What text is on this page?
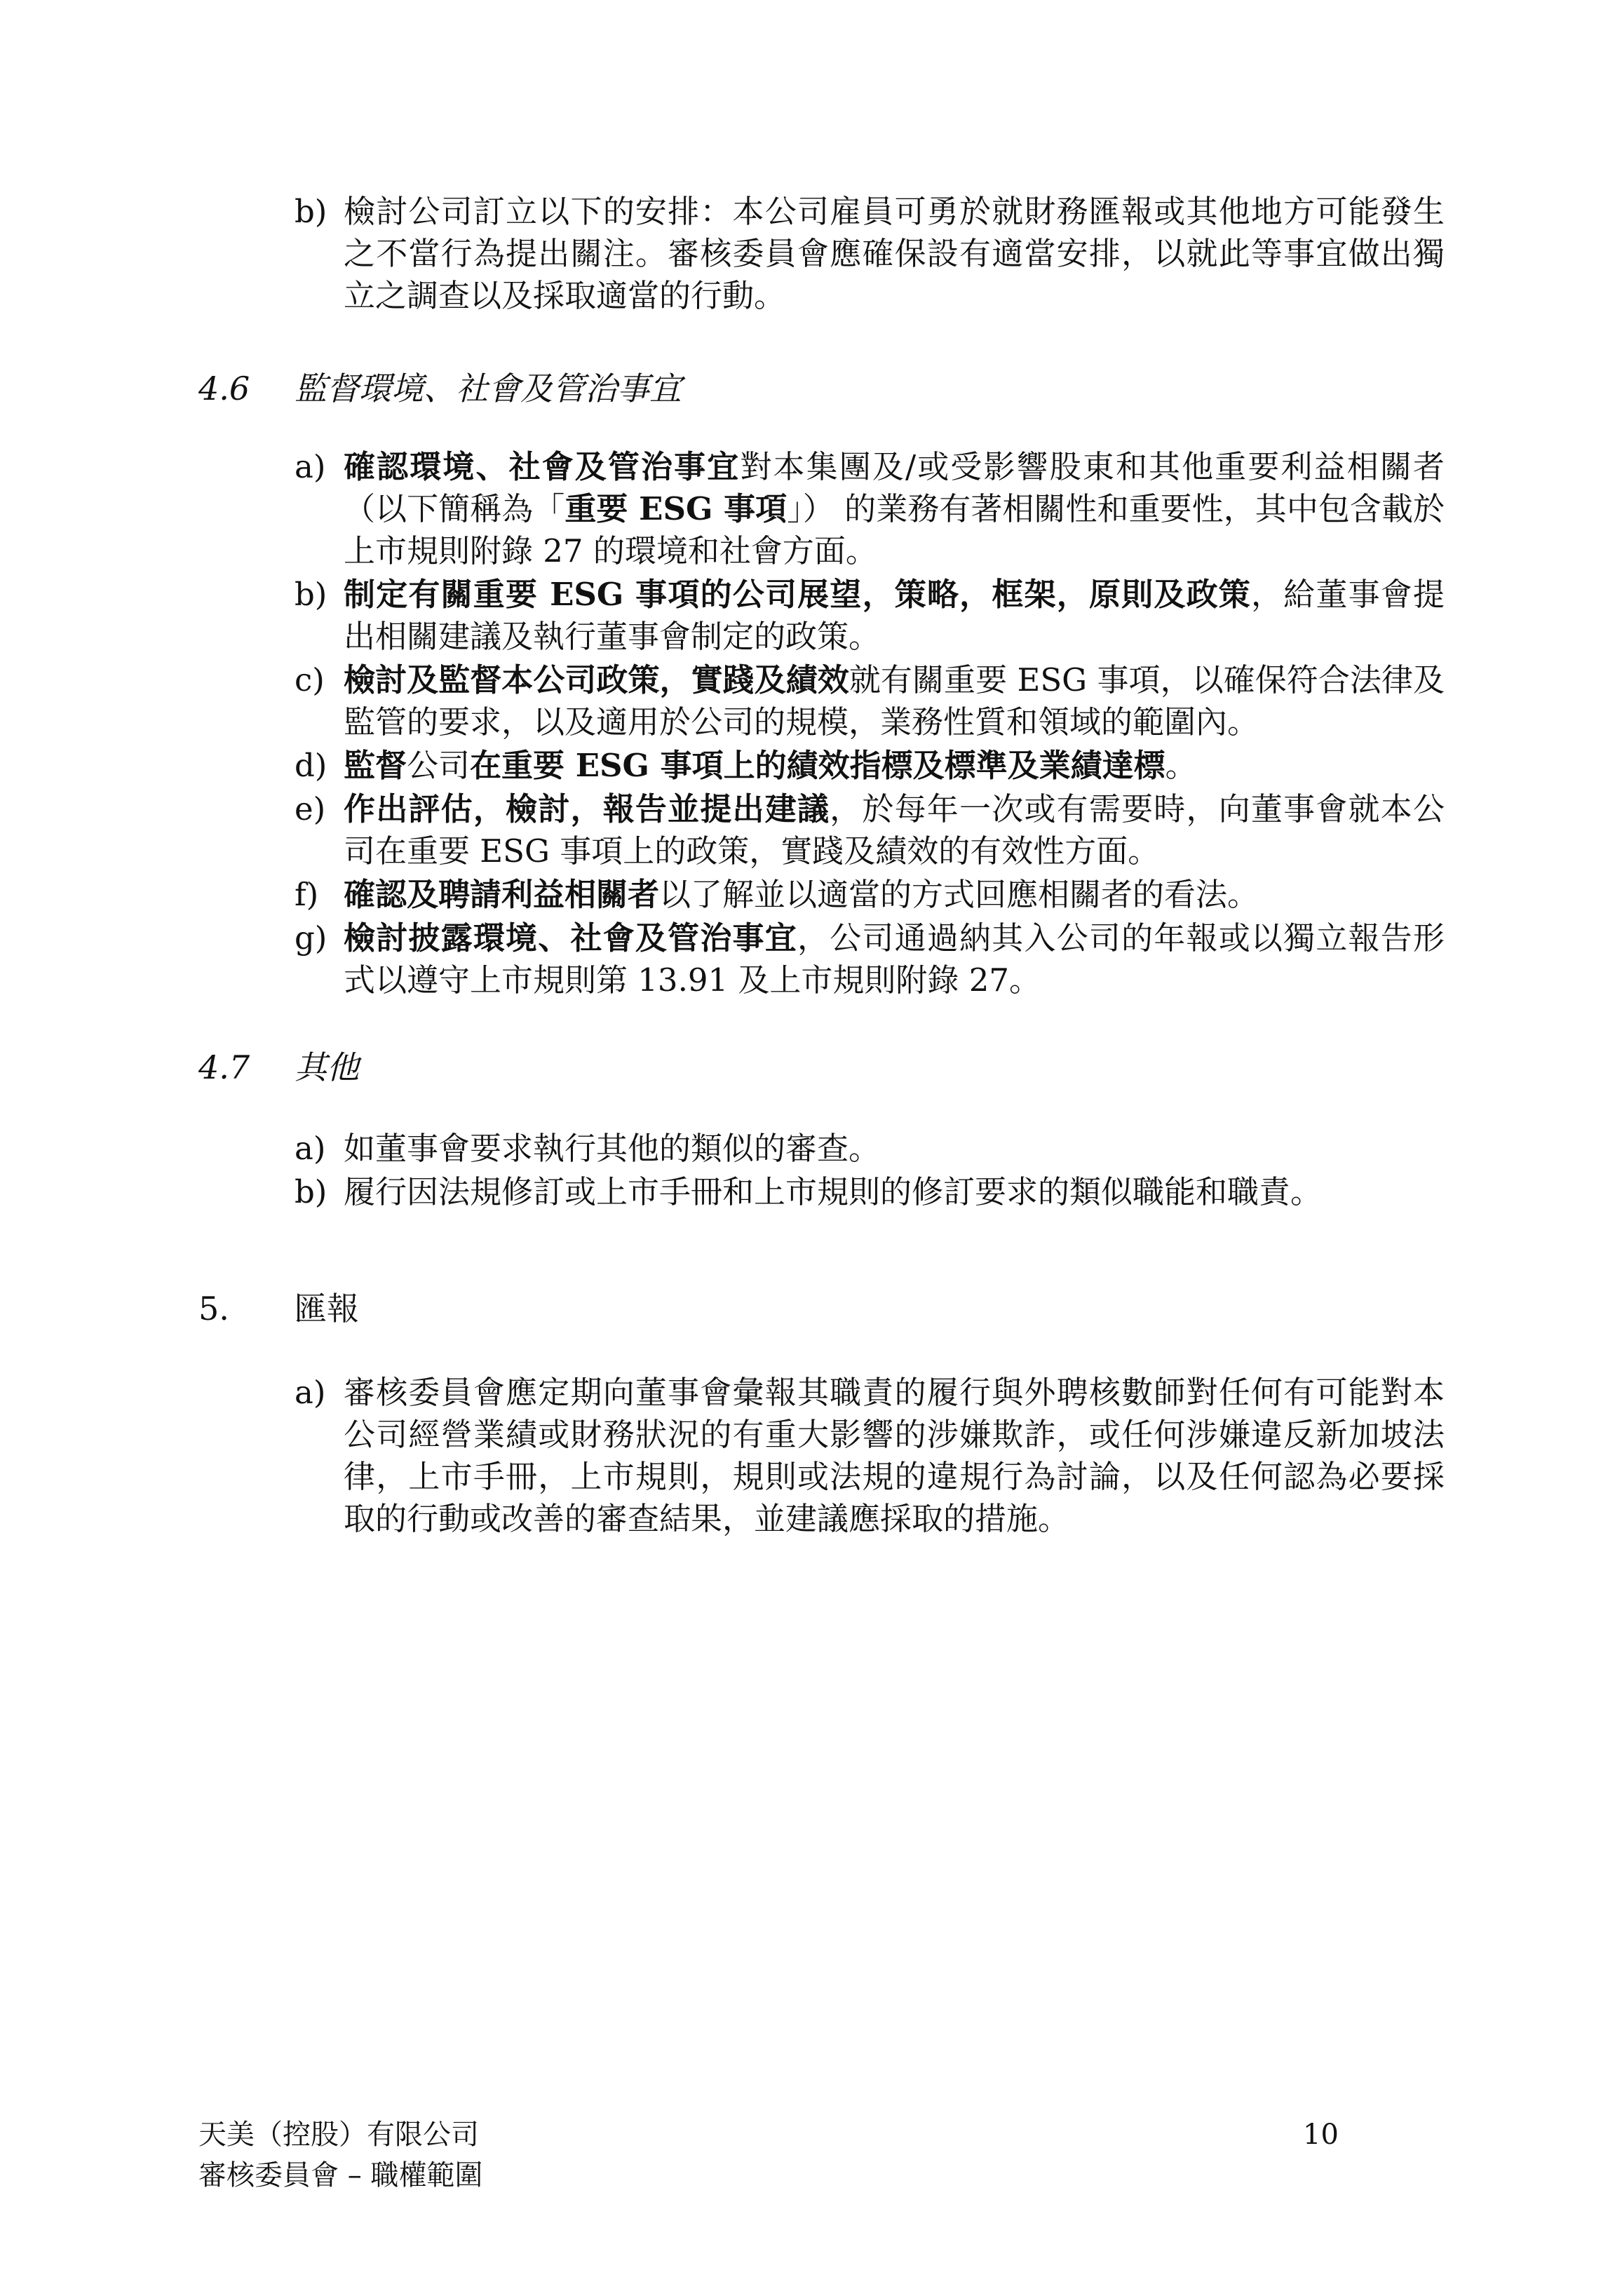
b) 檢討公司訂立以下的安排：本公司雇員可勇於就財務匯報或其他地方可能發生之不當行為提出關注。審核委員會應確保設有適當安排，以就此等事宜做出獨立之調查以及採取適當的行動。
4.6 監督環境、社會及管治事宜
a) 確認環境、社會及管治事宜對本集團及/或受影響股東和其他重要利益相關者（以下簡稱為「重要 ESG 事項」） 的業務有著相關性和重要性，其中包含載於上市規則附錄 27 的環境和社會方面。
b) 制定有關重要 ESG 事項的公司展望，策略，框架，原則及政策，給董事會提出相關建議及執行董事會制定的政策。
c) 檢討及監督本公司政策，實踐及績效就有關重要 ESG 事項，以確保符合法律及監管的要求，以及適用於公司的規模，業務性質和領域的範圍內。
d) 監督公司在重要 ESG 事項上的績效指標及標準及業績達標。
e) 作出評估，檢討，報告並提出建議，於每年一次或有需要時，向董事會就本公司在重要 ESG 事項上的政策，實踐及績效的有效性方面。
f) 確認及聘請利益相關者以了解並以適當的方式回應相關者的看法。
g) 檢討披露環境、社會及管治事宜，公司通過納其入公司的年報或以獨立報告形式以遵守上市規則第 13.91 及上市規則附錄 27。
4.7 其他
a) 如董事會要求執行其他的類似的審查。
b) 履行因法規修訂或上市手冊和上市規則的修訂要求的類似職能和職責。
5. 匯報
a) 審核委員會應定期向董事會彙報其職責的履行與外聘核數師對任何有可能對本公司經營業績或財務狀況的有重大影響的涉嫌欺詐，或任何涉嫌違反新加坡法律，上市手冊，上市規則，規則或法規的違規行為討論，以及任何認為必要採取的行動或改善的審查結果，並建議應採取的措施。
天美（控股）有限公司
審核委員會 – 職權範圍
10
